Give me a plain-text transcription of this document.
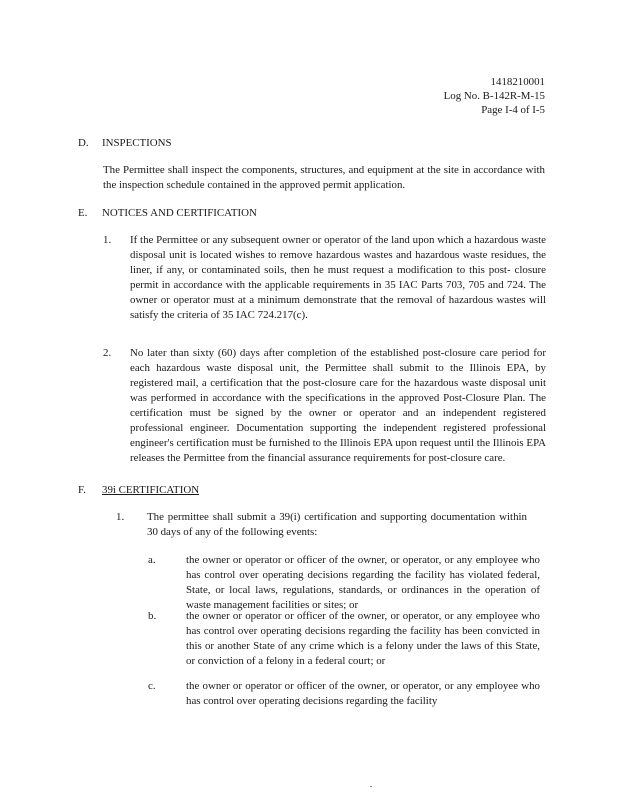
1418210001
Log No. B-142R-M-15
Page I-4 of I-5
D. INSPECTIONS
The Permittee shall inspect the components, structures, and equipment at the site in accordance with the inspection schedule contained in the approved permit application.
E. NOTICES AND CERTIFICATION
1. If the Permittee or any subsequent owner or operator of the land upon which a hazardous waste disposal unit is located wishes to remove hazardous wastes and hazardous waste residues, the liner, if any, or contaminated soils, then he must request a modification to this post- closure permit in accordance with the applicable requirements in 35 IAC Parts 703, 705 and 724. The owner or operator must at a minimum demonstrate that the removal of hazardous wastes will satisfy the criteria of 35 IAC 724.217(c).
2. No later than sixty (60) days after completion of the established post-closure care period for each hazardous waste disposal unit, the Permittee shall submit to the Illinois EPA, by registered mail, a certification that the post-closure care for the hazardous waste disposal unit was performed in accordance with the specifications in the approved Post-Closure Plan. The certification must be signed by the owner or operator and an independent registered professional engineer. Documentation supporting the independent registered professional engineer's certification must be furnished to the Illinois EPA upon request until the Illinois EPA releases the Permittee from the financial assurance requirements for post-closure care.
F. 39i CERTIFICATION
1. The permittee shall submit a 39(i) certification and supporting documentation within 30 days of any of the following events:
a.	the owner or operator or officer of the owner, or operator, or any employee who has control over operating decisions regarding the facility has violated federal, State, or local laws, regulations, standards, or ordinances in the operation of waste management facilities or sites; or
b.	the owner or operator or officer of the owner, or operator, or any employee who has control over operating decisions regarding the facility has been convicted in this or another State of any crime which is a felony under the laws of this State, or conviction of a felony in a federal court; or
c.	the owner or operator or officer of the owner, or operator, or any employee who has control over operating decisions regarding the facility
